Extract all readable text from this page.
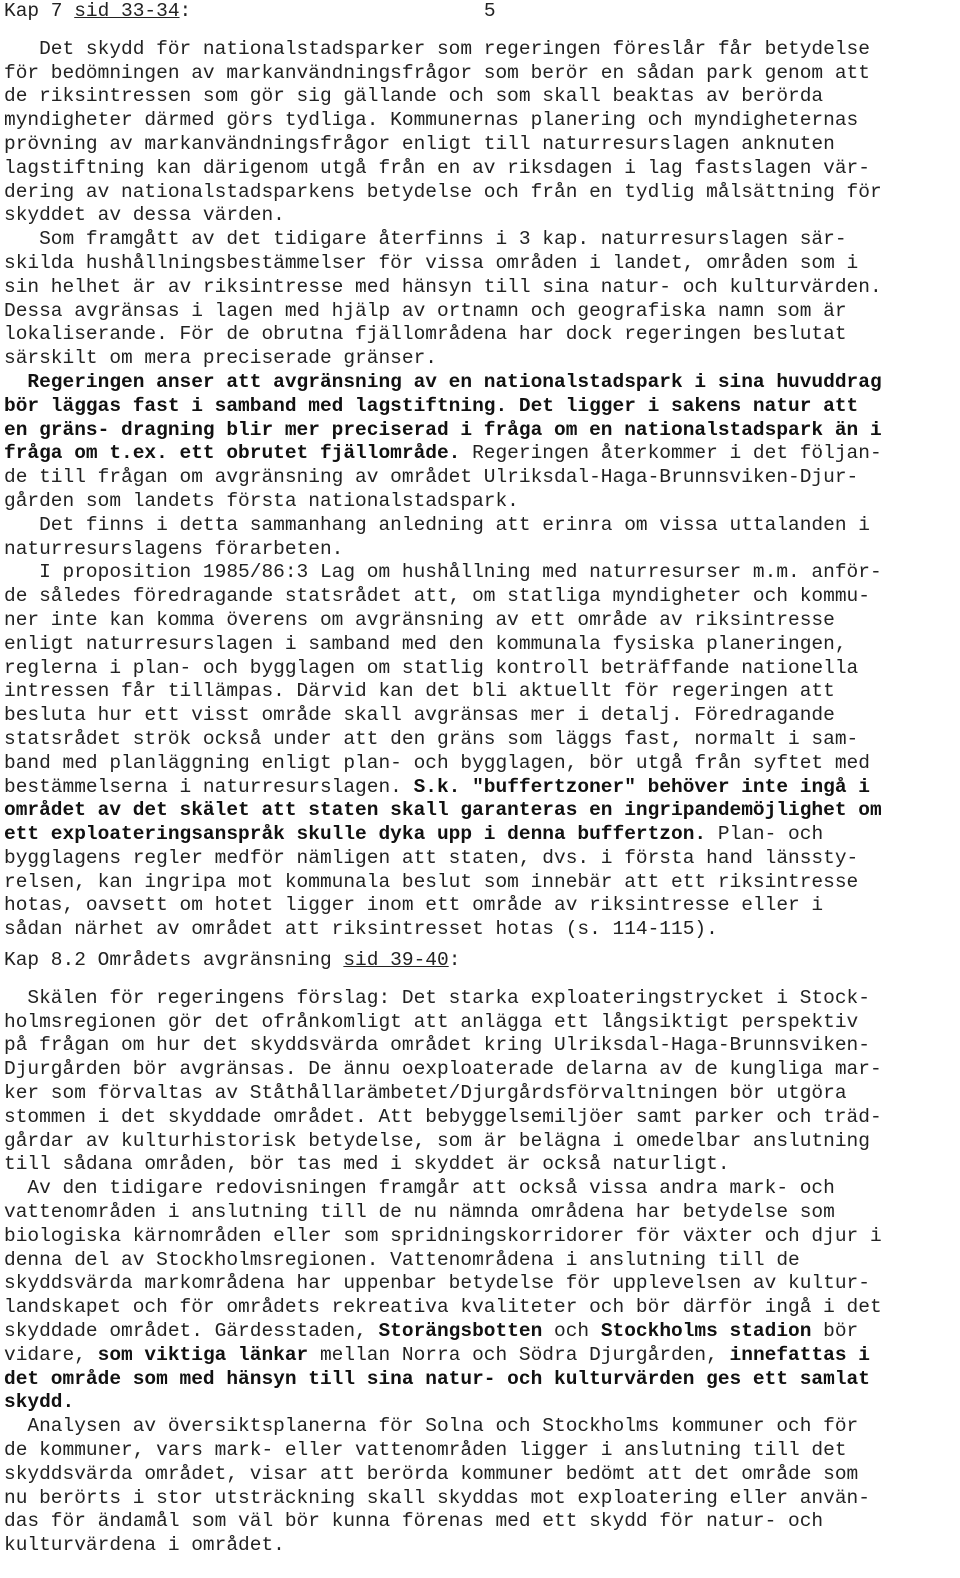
Kap 7 sid 33-34:	5
Det skydd för nationalstadsparker som regeringen föreslår får betydelse
för bedömningen av markanvändningsfrågor som berör en sådan park genom att
de riksintressen som gör sig gällande och som skall beaktas av berörda
myndigheter därmed görs tydliga. Kommunernas planering och myndigheternas
prövning av markanvändningsfrågor enligt till naturresurslagen anknuten
lagstiftning kan därigenom utgå från en av riksdagen i lag fastslagen vär-
dering av nationalstadsparkens betydelse och från en tydlig målsättning för
skyddet av dessa värden.
Som framgått av det tidigare återfinns i 3 kap. naturresurslagen sär-
skilda hushållningsbestämmelser för vissa områden i landet, områden som i
sin helhet är av riksintresse med hänsyn till sina natur- och kulturvärden.
Dessa avgränsas i lagen med hjälp av ortnamn och geografiska namn som är
lokaliserande. För de obrutna fjällområdena har dock regeringen beslutat
särskilt om mera preciserade gränser.
Regeringen anser att avgränsning av en nationalstadspark i sina huvuddrag
bör läggas fast i samband med lagstiftning. Det ligger i sakens natur att
en gräns- dragning blir mer preciserad i fråga om en nationalstadspark än i
fråga om t.ex. ett obrutet fjällområde. Regeringen återkommer i det följan-
de till frågan om avgränsning av området Ulriksdal-Haga-Brunnsviken-Djur-
gården som landets första nationalstadspark.
Det finns i detta sammanhang anledning att erinra om vissa uttalanden i
naturresurslagens förarbeten.
I proposition 1985/86:3 Lag om hushållning med naturresurser m.m. anför-
de således föredragande statsrådet att, om statliga myndigheter och kommu-
ner inte kan komma överens om avgränsning av ett område av riksintresse
enligt naturresurslagen i samband med den kommunala fysiska planeringen,
reglerna i plan- och bygglagen om statlig kontroll beträffande nationella
intressen får tillämpas. Därvid kan det bli aktuellt för regeringen att
besluta hur ett visst område skall avgränsas mer i detalj. Föredragande
statsrådet strök också under att den gräns som läggs fast, normalt i sam-
band med planläggning enligt plan- och bygglagen, bör utgå från syftet med
bestämmelserna i naturresurslagen. S.k. "buffertzoner" behöver inte ingå i
området av det skälet att staten skall garanteras en ingripandemöjlighet om
ett exploateringsanspråk skulle dyka upp i denna buffertzon. Plan- och
bygglagens regler medför nämligen att staten, dvs. i första hand länssty-
relsen, kan ingripa mot kommunala beslut som innebär att ett riksintresse
hotas, oavsett om hotet ligger inom ett område av riksintresse eller i
sådan närhet av området att riksintresset hotas (s. 114-115).
Kap 8.2 Områdets avgränsning sid 39-40:
Skälen för regeringens förslag: Det starka exploateringstrycket i Stock-
holmsregionen gör det ofrånkomligt att anlägga ett långsiktigt perspektiv
på frågan om hur det skyddsvärda området kring Ulriksdal-Haga-Brunnsviken-
Djurgården bör avgränsas. De ännu oexploaterade delarna av de kungliga mar-
ker som förvaltas av Ståthållarämbetet/Djurgårdsförvaltningen bör utgöra
stommen i det skyddade området. Att bebyggelsemiljöer samt parker och träd-
gårdar av kulturhistorisk betydelse, som är belägna i omedelbar anslutning
till sådana områden, bör tas med i skyddet är också naturligt.
Av den tidigare redovisningen framgår att också vissa andra mark- och
vattenområden i anslutning till de nu nämnda områdena har betydelse som
biologiska kärnområden eller som spridningskorridorer för växter och djur i
denna del av Stockholmsregionen. Vattenområdena i anslutning till de
skyddsvärda markområdena har uppenbar betydelse för upplevelsen av kultur-
landskapet och för områdets rekreativa kvaliteter och bör därför ingå i det
skyddade området. Gärdesstaden, Storängsbotten och Stockholms stadion bör
vidare, som viktiga länkar mellan Norra och Södra Djurgården, innefattas i
det område som med hänsyn till sina natur- och kulturvärden ges ett samlat
skydd.
Analysen av översiktsplanerna för Solna och Stockholms kommuner och för
de kommuner, vars mark- eller vattenområden ligger i anslutning till det
skyddsvärda området, visar att berörda kommuner bedömt att det område som
nu berörts i stor utsträckning skall skyddas mot exploatering eller använ-
das för ändamål som väl bör kunna förenas med ett skydd för natur- och
kulturvärdena i området.
